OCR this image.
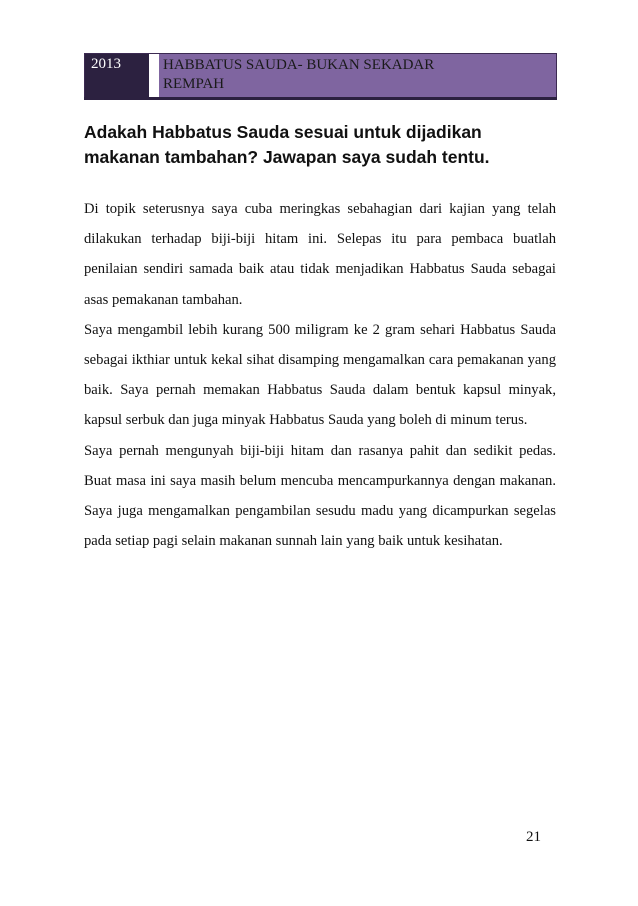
2013	HABBATUS SAUDA- BUKAN SEKADAR
REMPAH
Adakah Habbatus Sauda sesuai untuk dijadikan
makanan tambahan? Jawapan saya sudah tentu.

Di topik seterusnya saya cuba meringkas sebahagian dari kajian yang telah dilakukan terhadap biji-biji hitam ini. Selepas itu para pembaca buatlah penilaian sendiri samada baik atau tidak menjadikan Habbatus Sauda sebagai asas pemakanan tambahan.

Saya mengambil lebih kurang 500 miligram ke 2 gram sehari Habbatus Sauda sebagai ikthiar untuk kekal sihat disamping mengamalkan cara pemakanan yang baik. Saya pernah memakan Habbatus Sauda dalam bentuk kapsul minyak, kapsul serbuk dan juga minyak Habbatus Sauda yang boleh di minum terus.

Saya pernah mengunyah biji-biji hitam dan rasanya pahit dan sedikit pedas. Buat masa ini saya masih belum mencuba mencampurkannya dengan makanan. Saya juga mengamalkan pengambilan sesudu madu yang dicampurkan segelas pada setiap pagi selain makanan sunnah lain yang baik untuk kesihatan.

21
